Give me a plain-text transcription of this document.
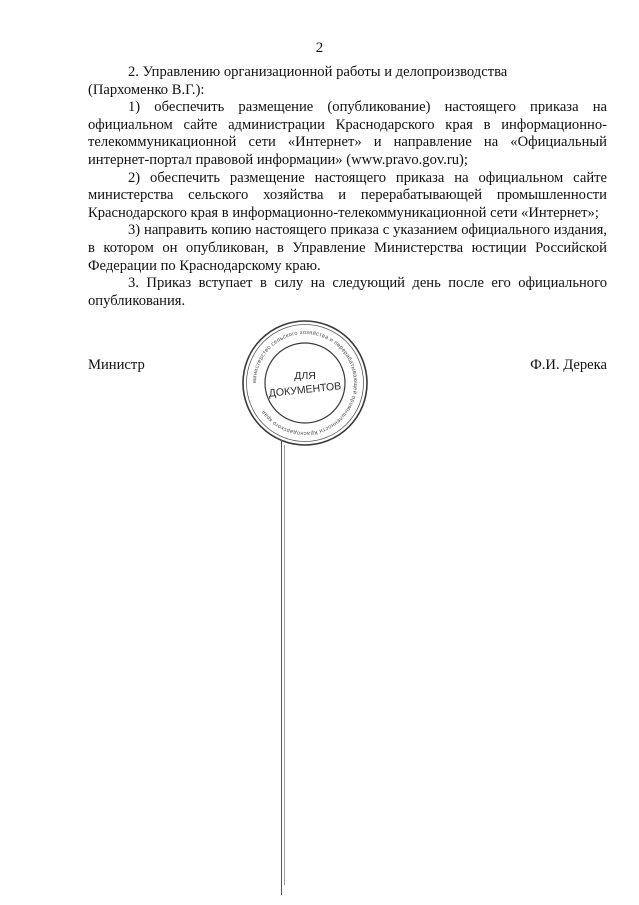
2

2. Управлению организационной работы и делопроизводства

(Пархоменко В.Г.):

1) обеспечить размещение (опубликование) настоящего приказа на официальном сайте администрации Краснодарского края в информационно-телекоммуникационной сети «Интернет» и направление на «Официальный интернет-портал правовой информации» (www.pravo.gov.ru);

2) обеспечить размещение настоящего приказа на официальном сайте министерства сельского хозяйства и перерабатывающей промышленности Краснодарского края в информационно-телекоммуникационной сети «Интернет»;

3) направить копию настоящего приказа с указанием официального издания, в котором он опубликован, в Управление Министерства юстиции Российской Федерации по Краснодарскому краю.

3. Приказ вступает в силу на следующий день после его официального опубликования.

Министр	Ф.И. Дерека
министерство сельского хозяйства и перерабатывающей промышленности Краснодарского края
ДЛЯ
ДОКУМЕНТОВ
